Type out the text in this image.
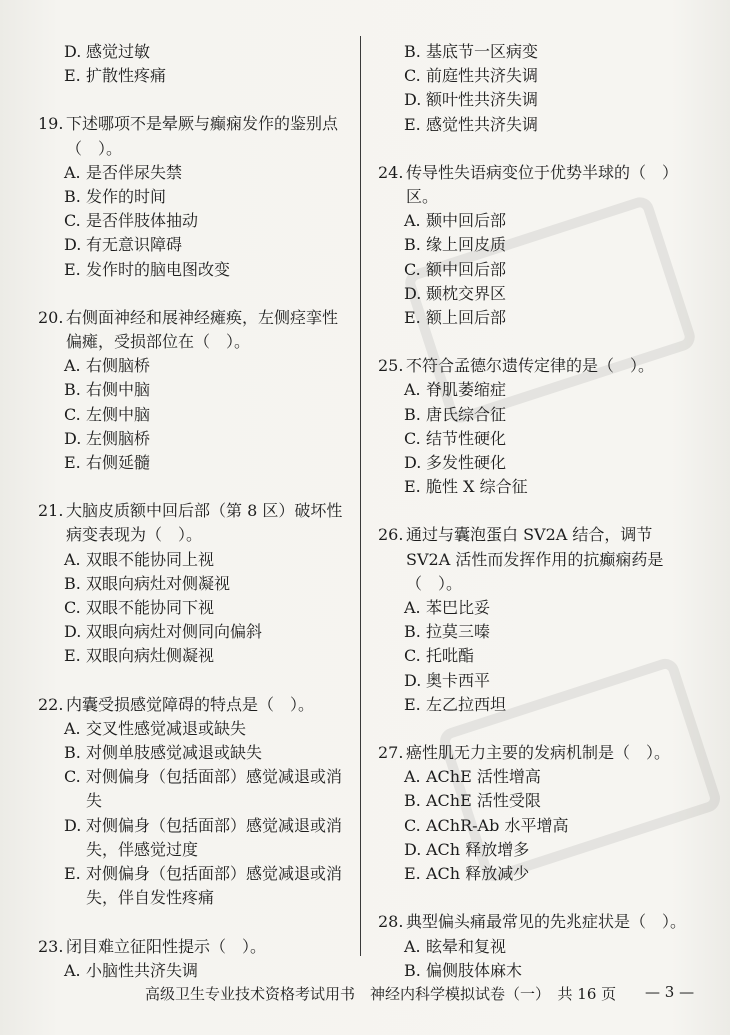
D. 感觉过敏
E. 扩散性疼痛
19. 下述哪项不是晕厥与癫痫发作的鉴别点（　）。
A. 是否伴尿失禁
B. 发作的时间
C. 是否伴肢体抽动
D. 有无意识障碍
E. 发作时的脑电图改变
20. 右侧面神经和展神经瘫痪，左侧痉挛性偏瘫，受损部位在（　）。
A. 右侧脑桥
B. 右侧中脑
C. 左侧中脑
D. 左侧脑桥
E. 右侧延髓
21. 大脑皮质额中回后部（第 8 区）破坏性病变表现为（　）。
A. 双眼不能协同上视
B. 双眼向病灶对侧凝视
C. 双眼不能协同下视
D. 双眼向病灶对侧同向偏斜
E. 双眼向病灶侧凝视
22. 内囊受损感觉障碍的特点是（　）。
A. 交叉性感觉减退或缺失
B. 对侧单肢感觉减退或缺失
C. 对侧偏身（包括面部）感觉减退或消失
D. 对侧偏身（包括面部）感觉减退或消失，伴感觉过度
E. 对侧偏身（包括面部）感觉减退或消失，伴自发性疼痛
23. 闭目难立征阳性提示（　）。
A. 小脑性共济失调
B. 基底节一区病变
C. 前庭性共济失调
D. 额叶性共济失调
E. 感觉性共济失调
24. 传导性失语病变位于优势半球的（　）区。
A. 颞中回后部
B. 缘上回皮质
C. 额中回后部
D. 颞枕交界区
E. 额上回后部
25. 不符合孟德尔遗传定律的是（　）。
A. 脊肌萎缩症
B. 唐氏综合征
C. 结节性硬化
D. 多发性硬化
E. 脆性 X 综合征
26. 通过与囊泡蛋白 SV2A 结合，调节 SV2A 活性而发挥作用的抗癫痫药是（　）。
A. 苯巴比妥
B. 拉莫三嗪
C. 托吡酯
D. 奥卡西平
E. 左乙拉西坦
27. 癌性肌无力主要的发病机制是（　）。
A. AChE 活性增高
B. AChE 活性受限
C. AChR-Ab 水平增高
D. ACh 释放增多
E. ACh 释放减少
28. 典型偏头痛最常见的先兆症状是（　）。
A. 眩晕和复视
B. 偏侧肢体麻木
高级卫生专业技术资格考试用书　神经内科学模拟试卷（一）　共 16 页 — 3 —
